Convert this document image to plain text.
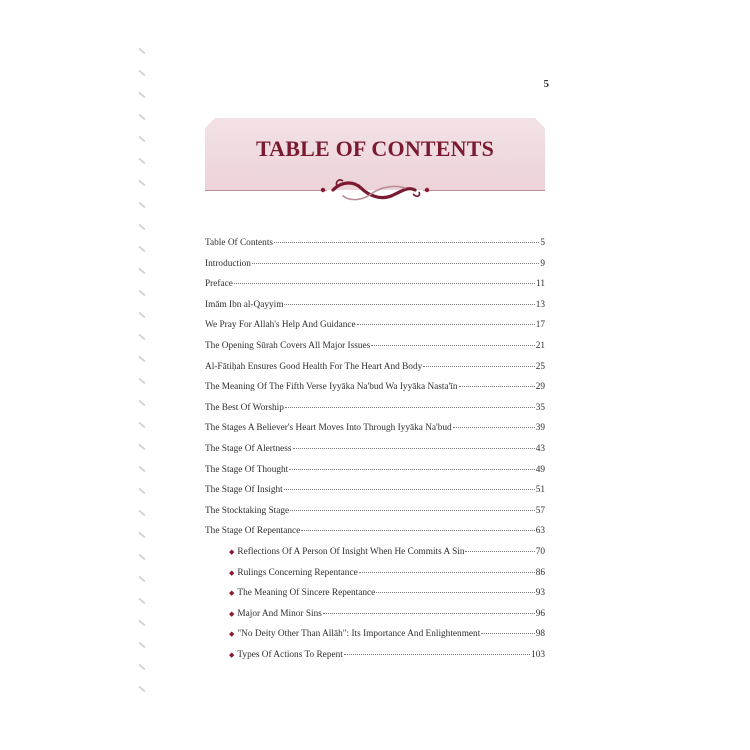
5
TABLE OF CONTENTS
Table Of Contents	5
Introduction	9
Preface	11
Imām Ibn al-Qayyim	13
We Pray For Allah's Help And Guidance	17
The Opening Sūrah Covers All Major Issues	21
Al-Fātiḥah Ensures Good Health For The Heart And Body	25
The Meaning Of The Fifth Verse Iyyāka Na'bud Wa Iyyāka Nasta'īn	29
The Best Of Worship	35
The Stages A Believer's Heart Moves Into Through Iyyāka Na'bud	39
The Stage Of Alertness	43
The Stage Of Thought	49
The Stage Of Insight	51
The Stocktaking Stage	57
The Stage Of Repentance	63
◆ Reflections Of A Person Of Insight When He Commits A Sin	70
◆ Rulings Concerning Repentance	86
◆ The Meaning Of Sincere Repentance	93
◆ Major And Minor Sins	96
◆ "No Deity Other Than Allāh": Its Importance And Enlightenment	98
◆ Types Of Actions To Repent	103
